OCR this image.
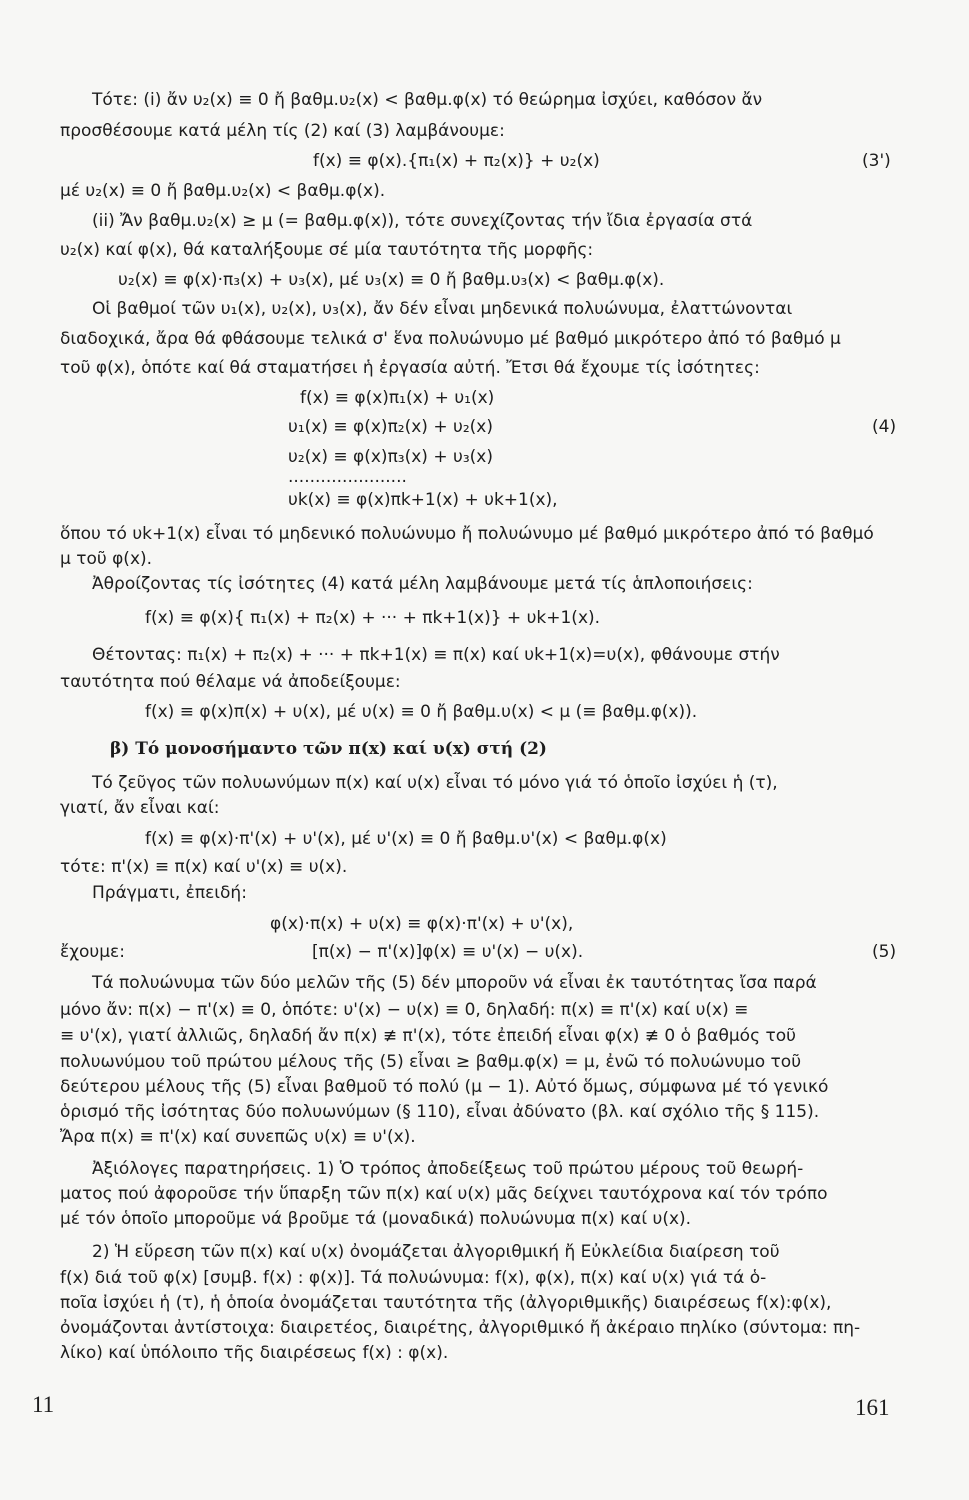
Τότε: (i) ἄν υ₂(x) ≡ 0 ἤ βαθμ.υ₂(x) < βαθμ.φ(x) τό θεώρημα ἰσχύει, καθόσον ἄν
προσθέσουμε κατά μέλη τίς (2) καί (3) λαμβάνουμε:
f(x) ≡ φ(x).{π₁(x) + π₂(x)} + υ₂(x)	(3')
μέ υ₂(x) ≡ 0 ἤ βαθμ.υ₂(x) < βαθμ.φ(x).
(ii) Ἄν βαθμ.υ₂(x) ≥ μ (= βαθμ.φ(x)), τότε συνεχίζοντας τήν ἴδια ἐργασία στά
υ₂(x) καί φ(x), θά καταλήξουμε σέ μία ταυτότητα τῆς μορφῆς:
υ₂(x) ≡ φ(x)·π₃(x) + υ₃(x), μέ υ₃(x) ≡ 0 ἤ βαθμ.υ₃(x) < βαθμ.φ(x).
Οἱ βαθμοί τῶν υ₁(x), υ₂(x), υ₃(x), ἄν δέν εἶναι μηδενικά πολυώνυμα, ἐλαττώνονται
διαδοχικά, ἄρα θά φθάσουμε τελικά σ' ἕνα πολυώνυμο μέ βαθμό μικρότερο ἀπό τό βαθμό μ
τοῦ φ(x), ὁπότε καί θά σταματήσει ἡ ἐργασία αὐτή. Ἔτσι θά ἔχουμε τίς ἰσότητες:
f(x) ≡ φ(x)π₁(x) + υ₁(x)
υ₁(x) ≡ φ(x)π₂(x) + υ₂(x)	(4)
υ₂(x) ≡ φ(x)π₃(x) + υ₃(x)
......................
υk(x) ≡ φ(x)πk+1(x) + υk+1(x),
ὅπου τό υk+1(x) εἶναι τό μηδενικό πολυώνυμο ἤ πολυώνυμο μέ βαθμό μικρότερο ἀπό τό βαθμό
μ τοῦ φ(x).
Ἀθροίζοντας τίς ἰσότητες (4) κατά μέλη λαμβάνουμε μετά τίς ἁπλοποιήσεις:
f(x) ≡ φ(x){ π₁(x) + π₂(x) + ··· + πk+1(x)} + υk+1(x).
Θέτοντας: π₁(x) + π₂(x) + ··· + πk+1(x) ≡ π(x) καί υk+1(x)=υ(x), φθάνουμε στήν
ταυτότητα πού θέλαμε νά ἀποδείξουμε:
f(x) ≡ φ(x)π(x) + υ(x), μέ υ(x) ≡ 0 ἤ βαθμ.υ(x) < μ (≡ βαθμ.φ(x)).
β) Τό μονοσήμαντο τῶν π(x) καί υ(x) στή (2)
Τό ζεῦγος τῶν πολυωνύμων π(x) καί υ(x) εἶναι τό μόνο γιά τό ὁποῖο ἰσχύει ἡ (τ),
γιατί, ἄν εἶναι καί:
f(x) ≡ φ(x)·π'(x) + υ'(x), μέ υ'(x) ≡ 0 ἤ βαθμ.υ'(x) < βαθμ.φ(x)
τότε: π'(x) ≡ π(x) καί υ'(x) ≡ υ(x).
Πράγματι, ἐπειδή:
φ(x)·π(x) + υ(x) ≡ φ(x)·π'(x) + υ'(x),
ἔχουμε:	[π(x) − π'(x)]φ(x) ≡ υ'(x) − υ(x).	(5)
Τά πολυώνυμα τῶν δύο μελῶν τῆς (5) δέν μποροῦν νά εἶναι ἐκ ταυτότητας ἴσα παρά
μόνο ἄν: π(x) − π'(x) ≡ 0, ὁπότε: υ'(x) − υ(x) ≡ 0, δηλαδή: π(x) ≡ π'(x) καί υ(x) ≡
≡ υ'(x), γιατί ἀλλιῶς, δηλαδή ἄν π(x) ≢ π'(x), τότε ἐπειδή εἶναι φ(x) ≢ 0 ὁ βαθμός τοῦ
πολυωνύμου τοῦ πρώτου μέλους τῆς (5) εἶναι ≥ βαθμ.φ(x) = μ, ἐνῶ τό πολυώνυμο τοῦ
δεύτερου μέλους τῆς (5) εἶναι βαθμοῦ τό πολύ (μ − 1). Αὐτό ὅμως, σύμφωνα μέ τό γενικό
ὁρισμό τῆς ἰσότητας δύο πολυωνύμων (§ 110), εἶναι ἀδύνατο (βλ. καί σχόλιο τῆς § 115).
Ἄρα π(x) ≡ π'(x) καί συνεπῶς υ(x) ≡ υ'(x).
Ἀξιόλογες παρατηρήσεις. 1) Ὁ τρόπος ἀποδείξεως τοῦ πρώτου μέρους τοῦ θεωρή-
ματος πού ἀφοροῦσε τήν ὕπαρξη τῶν π(x) καί υ(x) μᾶς δείχνει ταυτόχρονα καί τόν τρόπο
μέ τόν ὁποῖο μποροῦμε νά βροῦμε τά (μοναδικά) πολυώνυμα π(x) καί υ(x).
2) Ἡ εὕρεση τῶν π(x) καί υ(x) ὀνομάζεται ἀλγοριθμική ἤ Εὐκλείδια διαίρεση τοῦ
f(x) διά τοῦ φ(x) [συμβ. f(x) : φ(x)]. Τά πολυώνυμα: f(x), φ(x), π(x) καί υ(x) γιά τά ὁ-
ποῖα ἰσχύει ἡ (τ), ἡ ὁποία ὀνομάζεται ταυτότητα τῆς (ἀλγοριθμικῆς) διαιρέσεως f(x):φ(x),
ὀνομάζονται ἀντίστοιχα: διαιρετέος, διαιρέτης, ἀλγοριθμικό ἤ ἀκέραιο πηλίκο (σύντομα: πη-
λίκο) καί ὑπόλοιπο τῆς διαιρέσεως f(x) : φ(x).
11	161
